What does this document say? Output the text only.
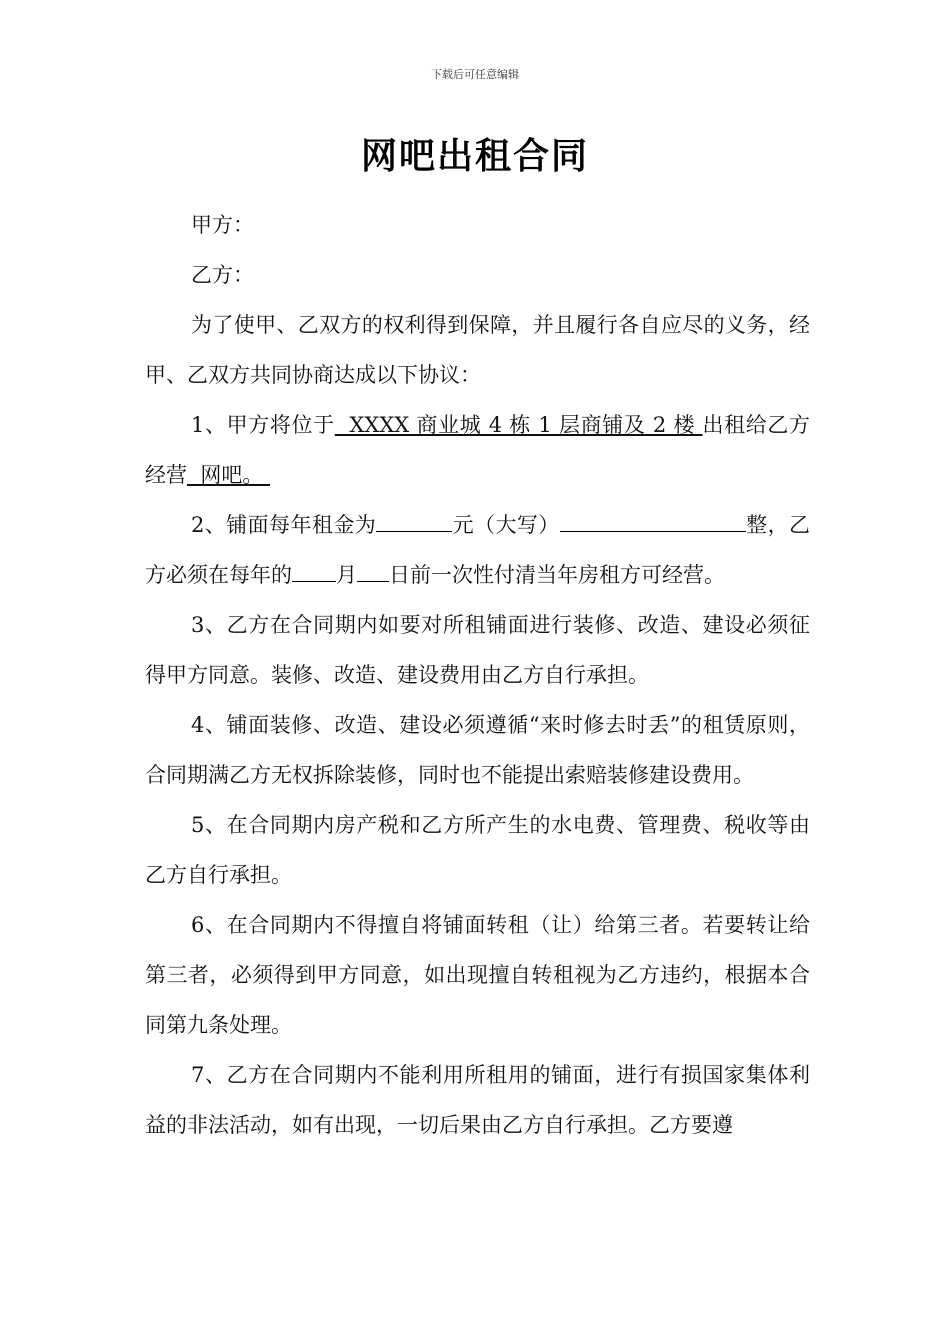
下载后可任意编辑
网吧出租合同

甲方：

乙方：

为了使甲、乙双方的权利得到保障，并且履行各自应尽的义务，经甲、乙双方共同协商达成以下协议：

1、甲方将位于  XXXX 商业城 4 栋 1 层商铺及 2 楼 出租给乙方经营  网吧。

2、铺面每年租金为	元（大写）	整，乙方必须在每年的 月 日前一次性付清当年房租方可经营。

3、乙方在合同期内如要对所租铺面进行装修、改造、建设必须征得甲方同意。装修、改造、建设费用由乙方自行承担。

4、铺面装修、改造、建设必须遵循“来时修去时丢”的租赁原则，合同期满乙方无权拆除装修，同时也不能提出索赔装修建设费用。

5、在合同期内房产税和乙方所产生的水电费、管理费、税收等由乙方自行承担。

6、在合同期内不得擅自将铺面转租（让）给第三者。若要转让给第三者，必须得到甲方同意，如出现擅自转租视为乙方违约，根据本合同第九条处理。

7、乙方在合同期内不能利用所租用的铺面，进行有损国家集体利益的非法活动，如有出现，一切后果由乙方自行承担。乙方要遵
